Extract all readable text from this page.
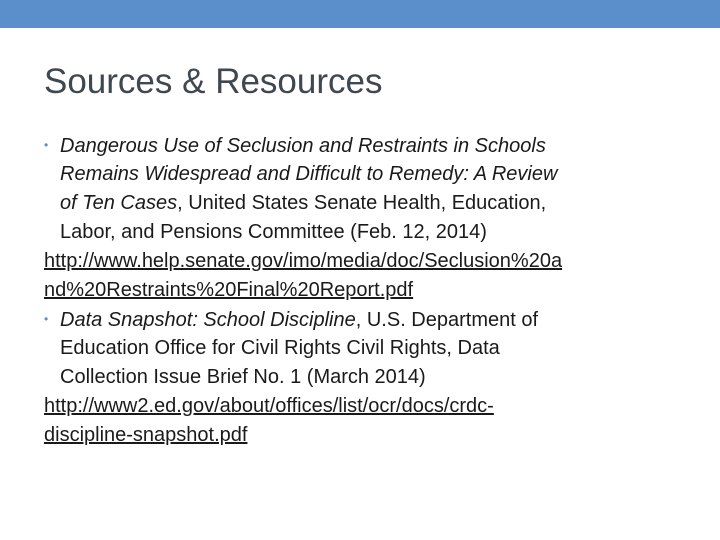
Sources & Resources
• Dangerous Use of Seclusion and Restraints in Schools
Remains Widespread and Difficult to Remedy: A Review
of Ten Cases, United States Senate Health, Education,
Labor, and Pensions Committee (Feb. 12, 2014)
http://www.help.senate.gov/imo/media/doc/Seclusion%20a
nd%20Restraints%20Final%20Report.pdf
• Data Snapshot: School Discipline, U.S. Department of
Education Office for Civil Rights Civil Rights, Data
Collection Issue Brief No. 1 (March 2014)
http://www2.ed.gov/about/offices/list/ocr/docs/crdc-
discipline-snapshot.pdf
